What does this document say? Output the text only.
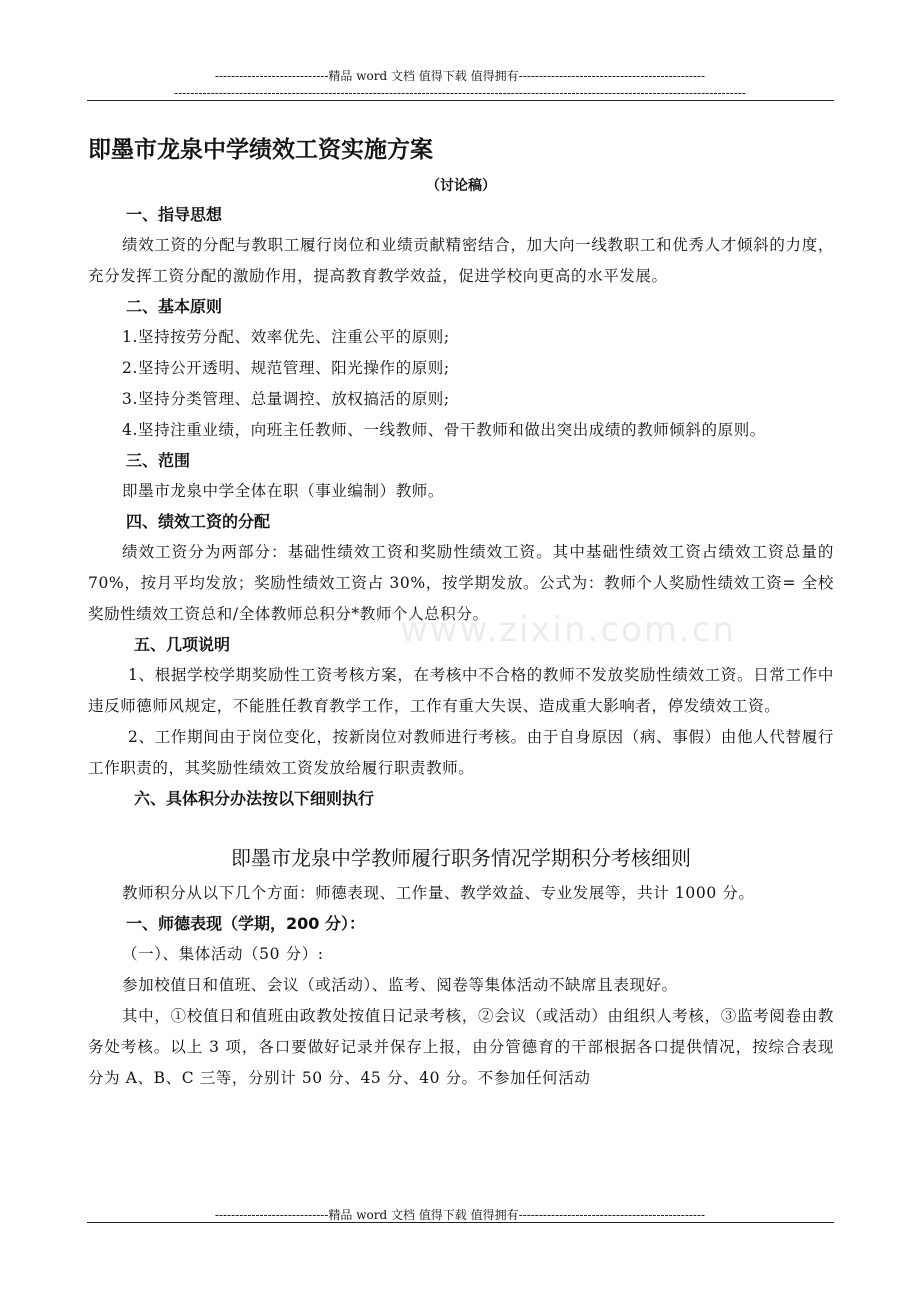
----------------------------精品 word 文档 值得下载 值得拥有----------------------------------------------
---------------------------------------------------------------------------------------------------------------------------------------------
www.zixin.com.cn
即墨市龙泉中学绩效工资实施方案
（讨论稿）
一、指导思想

绩效工资的分配与教职工履行岗位和业绩贡献精密结合，加大向一线教职工和优秀人才倾斜的力度，充分发挥工资分配的激励作用，提高教育教学效益，促进学校向更高的水平发展。

二、基本原则

1.坚持按劳分配、效率优先、注重公平的原则;

2.坚持公开透明、规范管理、阳光操作的原则;

3.坚持分类管理、总量调控、放权搞活的原则;

4.坚持注重业绩，向班主任教师、一线教师、骨干教师和做出突出成绩的教师倾斜的原则。

三、范围

即墨市龙泉中学全体在职（事业编制）教师。

四、绩效工资的分配

绩效工资分为两部分：基础性绩效工资和奖励性绩效工资。其中基础性绩效工资占绩效工资总量的 70%，按月平均发放；奖励性绩效工资占 30%，按学期发放。公式为：教师个人奖励性绩效工资= 全校奖励性绩效工资总和/全体教师总积分*教师个人总积分。

五、几项说明

1、根据学校学期奖励性工资考核方案，在考核中不合格的教师不发放奖励性绩效工资。日常工作中违反师德师风规定，不能胜任教育教学工作，工作有重大失误、造成重大影响者，停发绩效工资。

2、工作期间由于岗位变化，按新岗位对教师进行考核。由于自身原因（病、事假）由他人代替履行工作职责的，其奖励性绩效工资发放给履行职责教师。

六、具体积分办法按以下细则执行
即墨市龙泉中学教师履行职务情况学期积分考核细则

教师积分从以下几个方面：师德表现、工作量、教学效益、专业发展等，共计 1000 分。

一、师德表现（学期，200 分）：

（一）、集体活动（50 分）:

参加校值日和值班、会议（或活动）、监考、阅卷等集体活动不缺席且表现好。

其中，①校值日和值班由政教处按值日记录考核，②会议（或活动）由组织人考核，③监考阅卷由教务处考核。以上 3 项，各口要做好记录并保存上报，由分管德育的干部根据各口提供情况，按综合表现分为 A、B、C 三等，分别计 50 分、45 分、40 分。不参加任何活动

----------------------------精品 word 文档 值得下载 值得拥有----------------------------------------------
